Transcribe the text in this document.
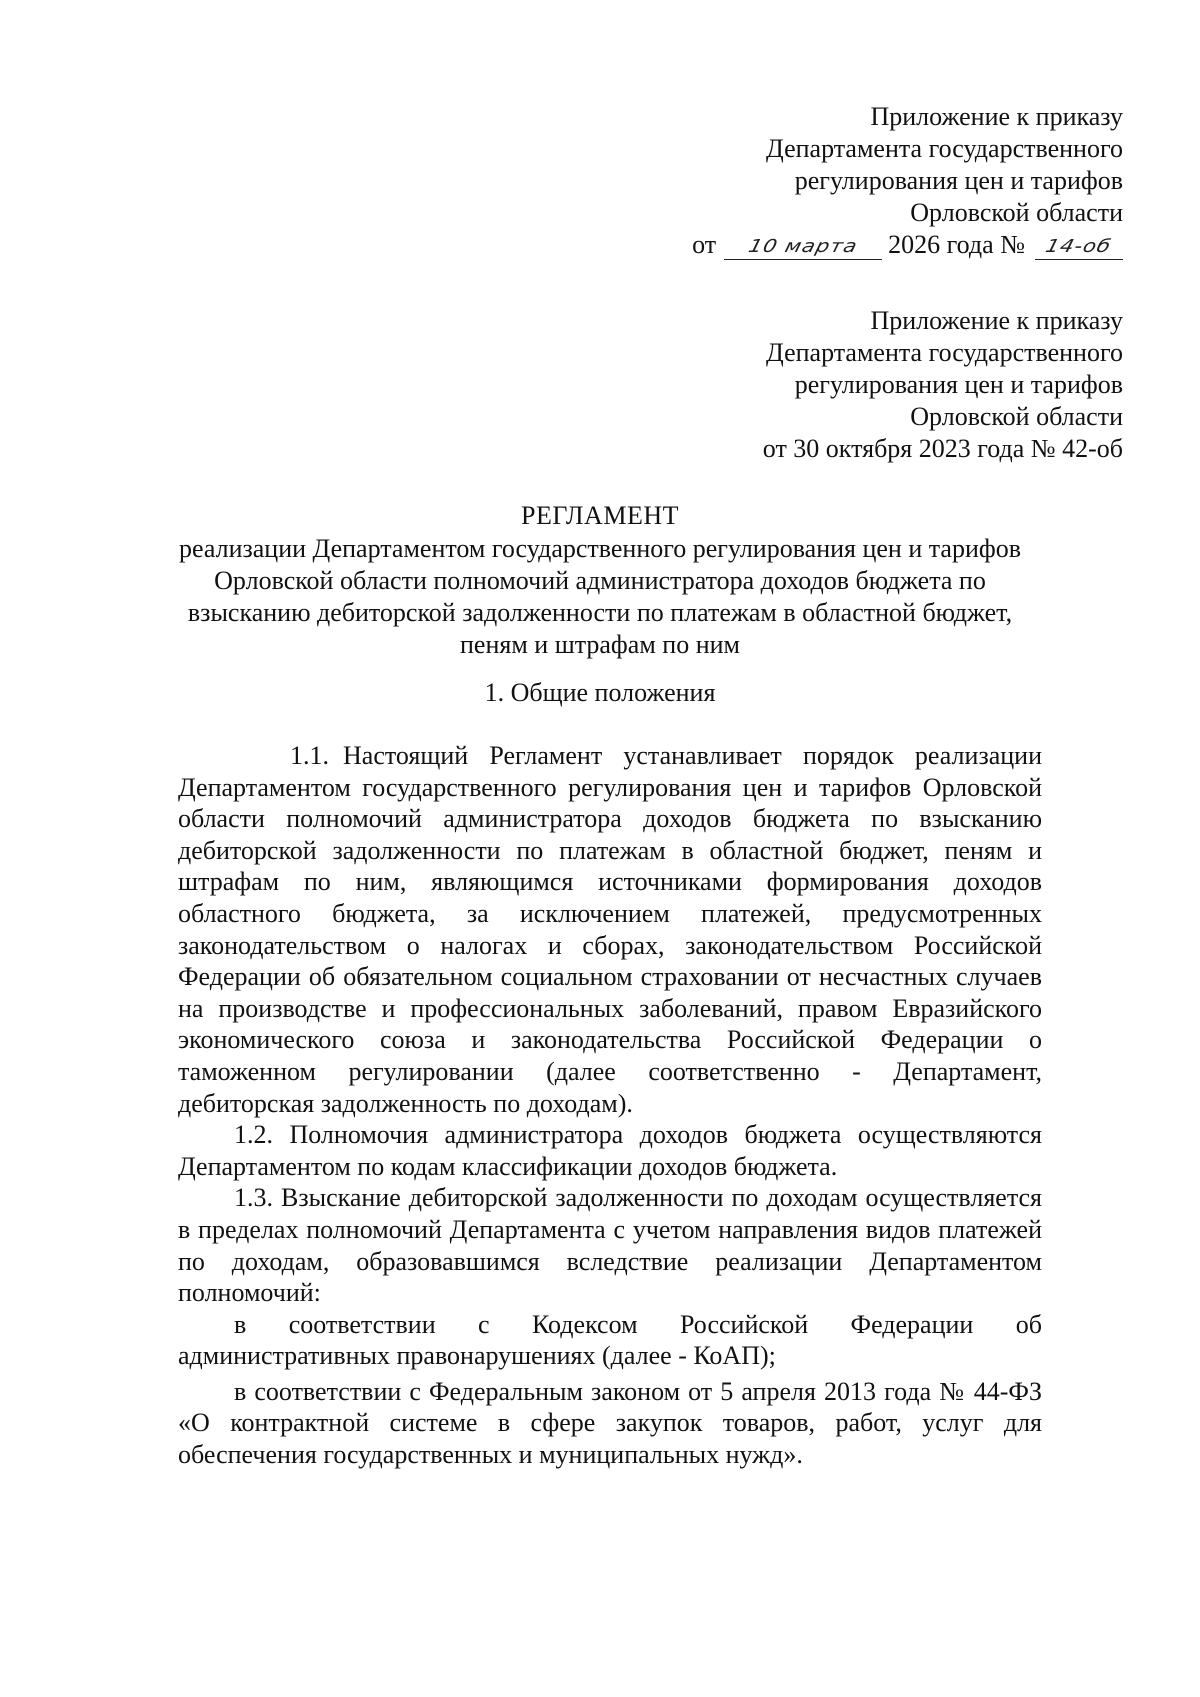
Приложение к приказу
Департамента государственного
регулирования цен и тарифов
Орловской области
от 10 марта 2026 года № 14-об
Приложение к приказу
Департамента государственного
регулирования цен и тарифов
Орловской области
от 30 октября 2023 года № 42-об
РЕГЛАМЕНТ
реализации Департаментом государственного регулирования цен и тарифов
Орловской области полномочий администратора доходов бюджета по
взысканию дебиторской задолженности по платежам в областной бюджет,
пеням и штрафам по ним
1. Общие положения

1.1. Настоящий Регламент устанавливает порядок реализации Департаментом государственного регулирования цен и тарифов Орловской области полномочий администратора доходов бюджета по взысканию дебиторской задолженности по платежам в областной бюджет, пеням и штрафам по ним, являющимся источниками формирования доходов областного бюджета, за исключением платежей, предусмотренных законодательством о налогах и сборах, законодательством Российской Федерации об обязательном социальном страховании от несчастных случаев на производстве и профессиональных заболеваний, правом Евразийского экономического союза и законодательства Российской Федерации о таможенном регулировании (далее соответственно - Департамент, дебиторская задолженность по доходам).

1.2. Полномочия администратора доходов бюджета осуществляются Департаментом по кодам классификации доходов бюджета.

1.3. Взыскание дебиторской задолженности по доходам осуществляется в пределах полномочий Департамента с учетом направления видов платежей по доходам, образовавшимся вследствие реализации Департаментом полномочий:

в соответствии с Кодексом Российской Федерации об административных правонарушениях (далее - КоАП);

в соответствии с Федеральным законом от 5 апреля 2013 года № 44-ФЗ «О контрактной системе в сфере закупок товаров, работ, услуг для обеспечения государственных и муниципальных нужд».
